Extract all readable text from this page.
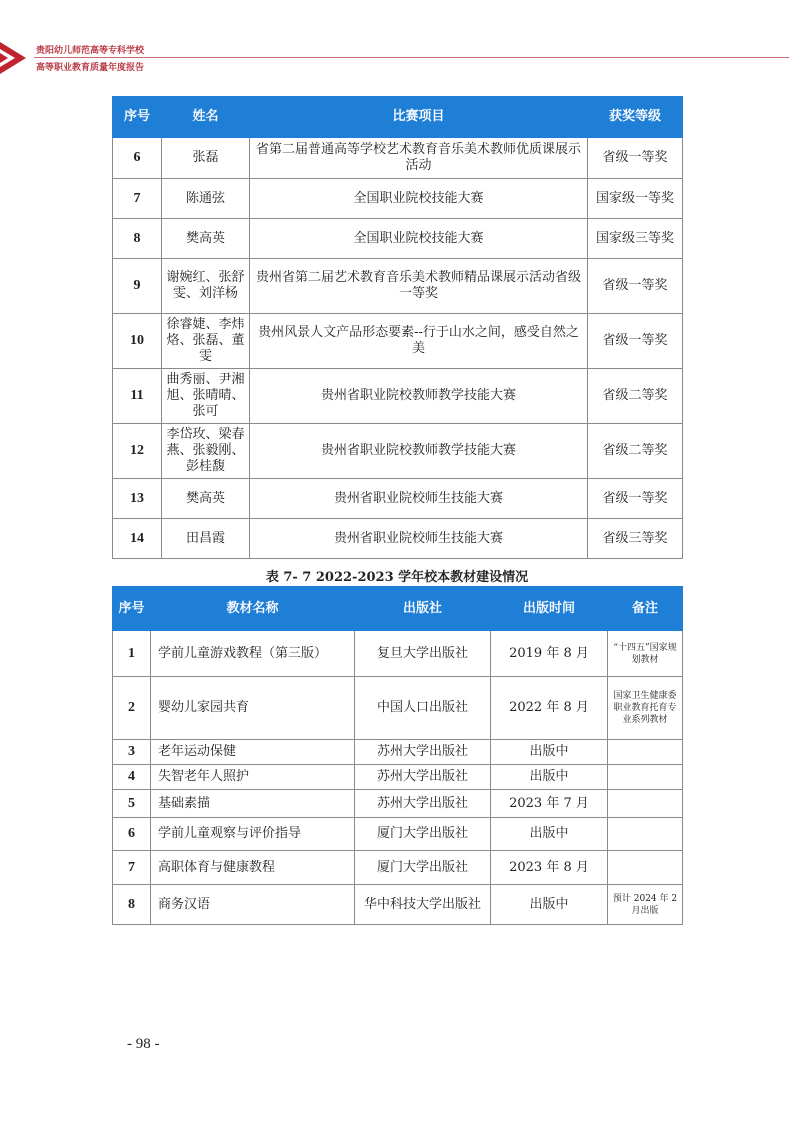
贵阳幼儿师范高等专科学校
高等职业教育质量年度报告
序号	姓名	比赛项目	获奖等级
6	张磊	省第二届普通高等学校艺术教育音乐美术教师优质课展示活动	省级一等奖
7	陈通弦	全国职业院校技能大赛	国家级一等奖
8	樊高英	全国职业院校技能大赛	国家级三等奖
9	谢婉红、张舒雯、刘洋杨	贵州省第二届艺术教育音乐美术教师精品课展示活动省级一等奖	省级一等奖
10	徐睿婕、李炜烙、张磊、董雯	贵州风景人文产品形态要素--行于山水之间，感受自然之美	省级一等奖
11	曲秀丽、尹湘旭、张晴晴、张可	贵州省职业院校教师教学技能大赛	省级二等奖
12	李岱玫、梁春燕、张毅刚、彭桂馥	贵州省职业院校教师教学技能大赛	省级二等奖
13	樊高英	贵州省职业院校师生技能大赛	省级一等奖
14	田昌霞	贵州省职业院校师生技能大赛	省级三等奖
表 7- 7 2022-2023 学年校本教材建设情况
序号	教材名称	出版社	出版时间	备注
1	学前儿童游戏教程（第三版）	复旦大学出版社	2019 年 8 月	“十四五”国家规划教材
2	婴幼儿家园共育	中国人口出版社	2022 年 8 月	国家卫生健康委职业教育托育专业系列教材
3	老年运动保健	苏州大学出版社	出版中	
4	失智老年人照护	苏州大学出版社	出版中	
5	基础素描	苏州大学出版社	2023 年 7 月	
6	学前儿童观察与评价指导	厦门大学出版社	出版中	
7	高职体育与健康教程	厦门大学出版社	2023 年 8 月	
8	商务汉语	华中科技大学出版社	出版中	预计 2024 年 2 月出版
- 98 -
